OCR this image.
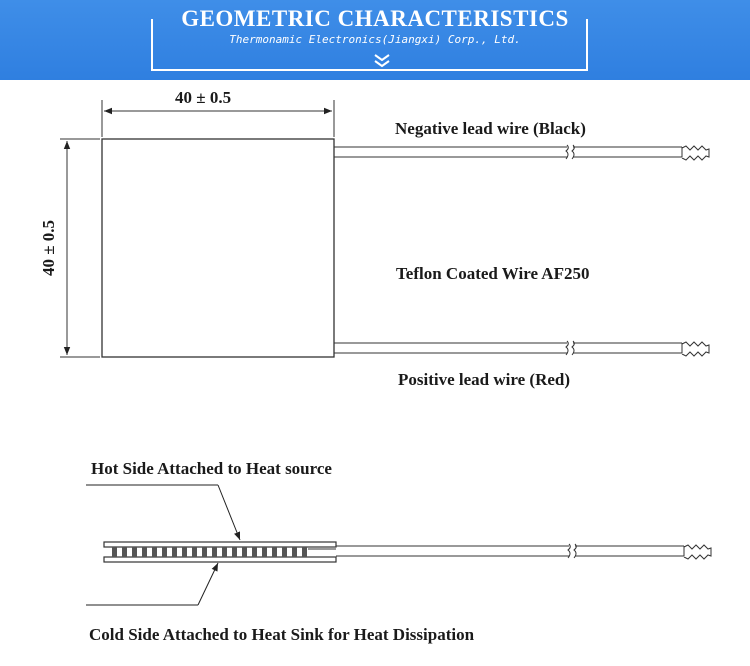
GEOMETRIC CHARACTERISTICS
Thermonamic Electronics(Jiangxi) Corp., Ltd.
40 ± 0.5
40 ± 0.5
Negative lead wire (Black)
Teflon Coated Wire AF250
Positive lead wire (Red)
Hot Side Attached to Heat source
Cold Side Attached to Heat Sink for Heat Dissipation
